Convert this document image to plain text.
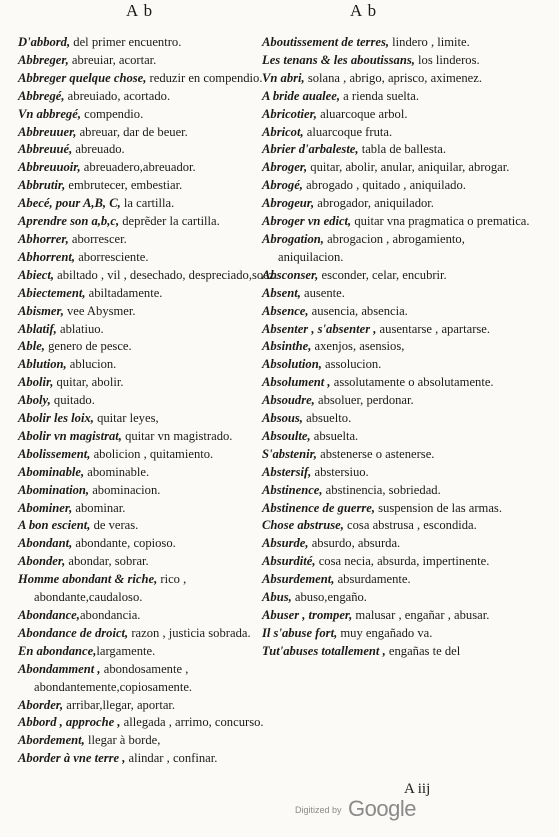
A b	A b

D'abbord, del primer encuentro.

Abbreger, abreuiar, acortar.

Abbreger quelque chose, reduzir en compendio.

Abbregé, abreuiado, acortado.

Vn abbregé, compendio.

Abbreuuer, abreuar, dar de beuer.

Abbreuué, abreuado.

Abbreuuoir, abreuadero,abreuador.

Abbrutir, embrutecer, embestiar.

Abecé, pour A,B, C, la cartilla.

Aprendre son a,b,c, deprẽder la cartilla.

Abhorrer, aborrescer.

Abhorrent, aborresciente.

Abiect, abiltado , vil , desechado, despreciado,soez.

Abiectement, abiltadamente.

Abismer, vee Abysmer.

Ablatif, ablatiuo.

Able, genero de pesce.

Ablution, ablucion.

Abolir, quitar, abolir.

Aboly, quitado.

Abolir les loix, quitar leyes,

Abolir vn magistrat, quitar vn magistrado.

Abolissement, abolicion , quitamiento.

Abominable, abominable.

Abomination, abominacion.

Abominer, abominar.

A bon escient, de veras.

Abondant, abondante, copioso.

Abonder, abondar, sobrar.

Homme abondant & riche, rico , abondante,caudaloso.

Abondance,abondancia.

Abondance de droict, razon , justicia sobrada.

En abondance,largamente.

Abondamment , abondosamente , abondantemente,copiosamente.

Aborder, arribar,llegar, aportar.

Abbord , approche , allegada , arrimo, concurso.

Abordement, llegar à borde,

Aborder à vne terre , alindar , confinar.

Aboutissement de terres, lindero , limite.

Les tenans & les aboutissans, los linderos.

Vn abri, solana , abrigo, aprisco, aximenez.

A bride aualee, a rienda suelta.

Abricotier, aluarcoque arbol.

Abricot, aluarcoque fruta.

Abrier d'arbaleste, tabla de ballesta.

Abroger, quitar, abolir, anular, aniquilar, abrogar.

Abrogé, abrogado , quitado , aniquilado.

Abrogeur, abrogador, aniquilador.

Abroger vn edict, quitar vna pragmatica o prematica.

Abrogation, abrogacion , abrogamiento, aniquilacion.

Absconser, esconder, celar, encubrir.

Absent, ausente.

Absence, ausencia, absencia.

Absenter , s'absenter , ausentarse , apartarse.

Absinthe, axenjos, asensios,

Absolution, assolucion.

Absolument , assolutamente o absolutamente.

Absoudre, absoluer, perdonar.

Absous, absuelto.

Absoulte, absuelta.

S'abstenir, abstenerse o astenerse.

Abstersif, abstersiuo.

Abstinence, abstinencia, sobriedad.

Abstinence de guerre, suspension de las armas.

Chose abstruse, cosa abstrusa , escondida.

Absurde, absurdo, absurda.

Absurdité, cosa necia, absurda, impertinente.

Absurdement, absurdamente.

Abus, abuso,engaño.

Abuser , tromper, malusar , engañar , abusar.

Il s'abuse fort, muy engañado va.

Tut'abuses totallement , engañas te del

A iij
Digitized by Google
